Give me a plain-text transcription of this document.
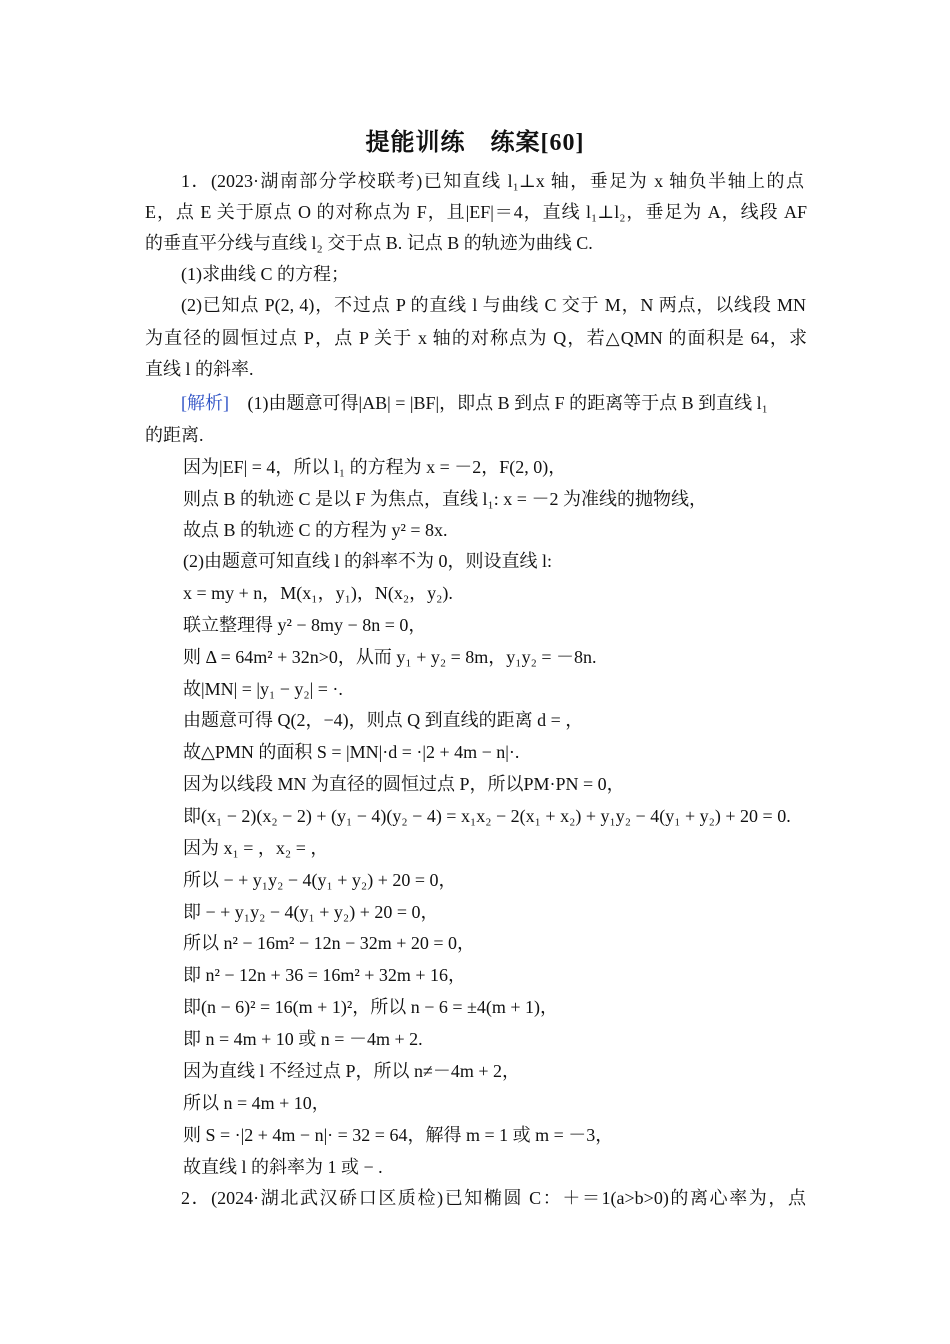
提能训练　练案[60]
1．(2023·湖南部分学校联考)已知直线 l₁⊥x 轴，垂足为 x 轴负半轴上的点
E，点 E 关于原点 O 的对称点为 F，且|EF|＝4，直线 l₁⊥l₂，垂足为 A，线段 AF
的垂直平分线与直线 l₂ 交于点 B. 记点 B 的轨迹为曲线 C.
(1)求曲线 C 的方程；
(2)已知点 P(2, 4)，不过点 P 的直线 l 与曲线 C 交于 M，N 两点，以线段 MN
为直径的圆恒过点 P，点 P 关于 x 轴的对称点为 Q，若△QMN 的面积是 64，求
直线 l 的斜率.
[解析] (1)由题意可得|AB| = |BF|，即点 B 到点 F 的距离等于点 B 到直线 l₁
的距离.
因为|EF| = 4，所以 l₁ 的方程为 x = －2，F(2, 0)，
则点 B 的轨迹 C 是以 F 为焦点，直线 l₁: x = －2 为准线的抛物线，
故点 B 的轨迹 C 的方程为 y² = 8x.
(2)由题意可知直线 l 的斜率不为 0，则设直线 l:
x = my + n，M(x₁，y₁)，N(x₂，y₂).
联立整理得 y² − 8my − 8n = 0，
则 Δ = 64m² + 32n>0，从而 y₁ + y₂ = 8m，y₁y₂ = －8n.
故|MN| = |y₁ − y₂| = ·.
由题意可得 Q(2，−4)，则点 Q 到直线的距离 d = ，
故△PMN 的面积 S = |MN|·d = ·|2 + 4m − n|·.
因为以线段 MN 为直径的圆恒过点 P，所以PM·PN = 0，
即(x₁ − 2)(x₂ − 2) + (y₁ − 4)(y₂ − 4) = x₁x₂ − 2(x₁ + x₂) + y₁y₂ − 4(y₁ + y₂) + 20 = 0.
因为 x₁ = ，x₂ = ，
所以 − + y₁y₂ − 4(y₁ + y₂) + 20 = 0，
即 − + y₁y₂ − 4(y₁ + y₂) + 20 = 0，
所以 n² − 16m² − 12n − 32m + 20 = 0，
即 n² − 12n + 36 = 16m² + 32m + 16，
即(n − 6)² = 16(m + 1)²，所以 n − 6 = ±4(m + 1)，
即 n = 4m + 10 或 n = －4m + 2.
因为直线 l 不经过点 P，所以 n≠－4m + 2，
所以 n = 4m + 10，
则 S = ·|2 + 4m − n|· = 32 = 64，解得 m = 1 或 m = －3，
故直线 l 的斜率为 1 或 − .
2．(2024·湖北武汉硚口区质检)已知椭圆 C：＋＝1(a>b>0)的离心率为，点
